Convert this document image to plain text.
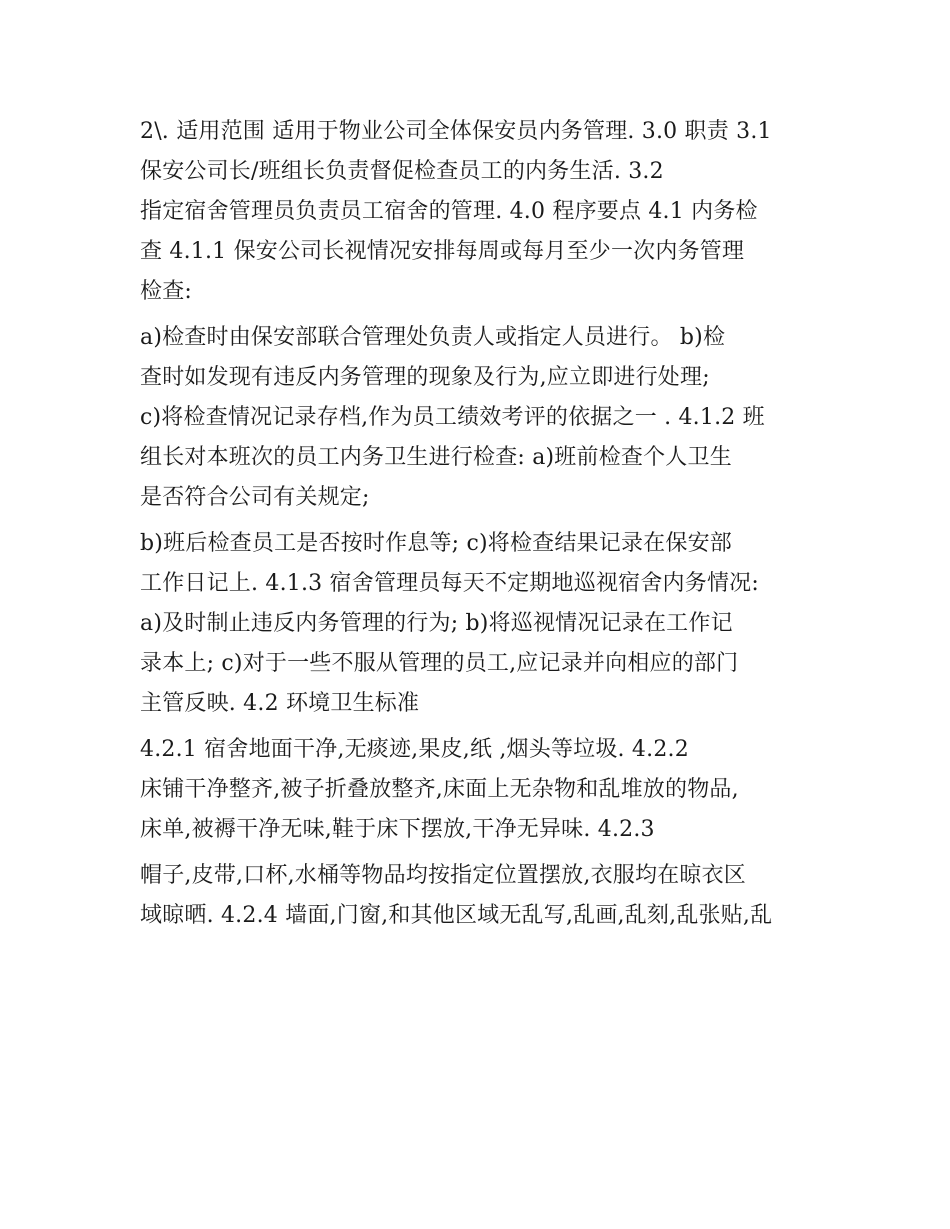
2\. 适用范围 适用于物业公司全体保安员内务管理. 3.0 职责 3.1
保安公司长/班组长负责督促检查员工的内务生活. 3.2
指定宿舍管理员负责员工宿舍的管理. 4.0 程序要点 4.1 内务检
查 4.1.1 保安公司长视情况安排每周或每月至少一次内务管理
检查:
a)检查时由保安部联合管理处负责人或指定人员进行。 b)检
查时如发现有违反内务管理的现象及行为,应立即进行处理;
c)将检查情况记录存档,作为员工绩效考评的依据之一 . 4.1.2 班
组长对本班次的员工内务卫生进行检查: a)班前检查个人卫生
是否符合公司有关规定;
b)班后检查员工是否按时作息等; c)将检查结果记录在保安部
工作日记上. 4.1.3 宿舍管理员每天不定期地巡视宿舍内务情况:
a)及时制止违反内务管理的行为; b)将巡视情况记录在工作记
录本上; c)对于一些不服从管理的员工,应记录并向相应的部门
主管反映. 4.2 环境卫生标准
4.2.1 宿舍地面干净,无痰迹,果皮,纸 ,烟头等垃圾. 4.2.2
床铺干净整齐,被子折叠放整齐,床面上无杂物和乱堆放的物品,
床单,被褥干净无味,鞋于床下摆放,干净无异味. 4.2.3
帽子,皮带,口杯,水桶等物品均按指定位置摆放,衣服均在晾衣区
域晾晒. 4.2.4 墙面,门窗,和其他区域无乱写,乱画,乱刻,乱张贴,乱
